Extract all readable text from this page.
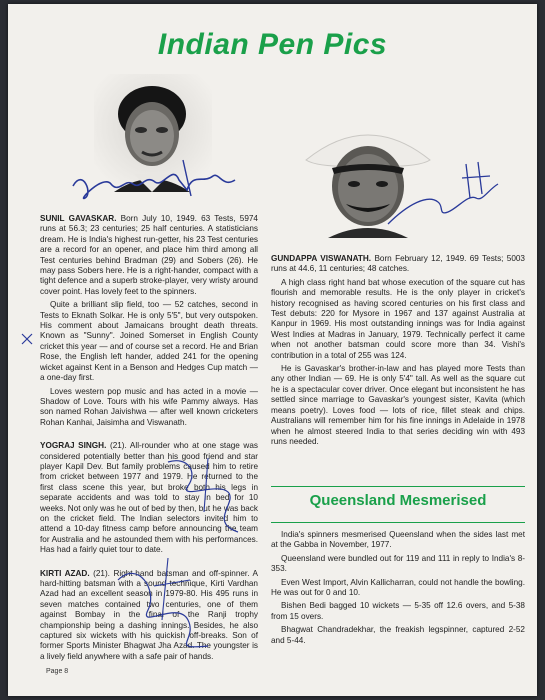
Indian Pen Pics

SUNIL GAVASKAR. Born July 10, 1949. 63 Tests, 5974 runs at 56.3; 23 centuries; 25 half centuries. A statisticians dream. He is India's highest run-getter, his 23 Test centuries are a record for an opener, and place him third among all Test centuries behind Bradman (29) and Sobers (26). He may pass Sobers here. He is a right-hander, compact with a tight defence and a superb stroke-player, very wristy around cover point. Has lovely feet to the spinners.

Quite a brilliant slip field, too — 52 catches, second in Tests to Eknath Solkar. He is only 5'5", but very outspoken. His comment about Jamaicans brought death threats. Known as "Sunny". Joined Somerset in English County cricket this year — and of course set a record. He and Brian Rose, the English left hander, added 241 for the opening wicket against Kent in a Benson and Hedges Cup match — a one-day first.

Loves western pop music and has acted in a movie — Shadow of Love. Tours with his wife Pammy always. Has son named Rohan Jaivishwa — after well known cricketers Rohan Kanhai, Jaisimha and Viswanath.

YOGRAJ SINGH. (21). All-rounder who at one stage was considered potentially better than his good friend and star player Kapil Dev. But family problems caused him to retire from cricket between 1977 and 1979. He returned to the first class scene this year, but broke both his legs in separate accidents and was told to stay in bed for 10 weeks. Not only was he out of bed by then, but he was back on the cricket field. The Indian selectors invited him to attend a 10-day fitness camp before announcing the team for Australia and he astounded them with his performances. Has had a fairly quiet tour to date.

KIRTI AZAD. (21). Right-hand batsman and off-spinner. A hard-hitting batsman with a sound technique, Kirti Vardhan Azad had an excellent season in 1979-80. His 495 runs in seven matches contained two centuries, one of them against Bombay in the final of the Ranji trophy championship being a dashing innings. Besides, he also captured six wickets with his quickish off-breaks. Son of former Sports Minister Bhagwat Jha Azad. The youngster is a lively field anywhere with a safe pair of hands.

Page 8

GUNDAPPA VISWANATH. Born February 12, 1949. 69 Tests; 5003 runs at 44.6, 11 centuries; 48 catches.

A high class right hand bat whose execution of the square cut has flourish and memorable results. He is the only player in cricket's history recognised as having scored centuries on his first class and Test debuts: 220 for Mysore in 1967 and 137 against Australia at Kanpur in 1969. His most outstanding innings was for India against West Indies at Madras in January, 1979. Technically perfect it came when not another batsman could score more than 34. Vishi's contribution in a total of 255 was 124.

He is Gavaskar's brother-in-law and has played more Tests than any other Indian — 69. He is only 5'4" tall. As well as the square cut he is a spectacular cover driver. Once elegant but inconsistent he has settled since marriage to Gavaskar's youngest sister, Kavita (which means poetry). Loves food — lots of rice, fillet steak and chips. Australians will remember him for his fine innings in Adelaide in 1978 when he almost steered India to that series deciding win with 493 runs needed.

Queensland Mesmerised

India's spinners mesmerised Queensland when the sides last met at the Gabba in November, 1977.

Queensland were bundled out for 119 and 111 in reply to India's 8-353.

Even West Import, Alvin Kallicharran, could not handle the bowling. He was out for 0 and 10.

Bishen Bedi bagged 10 wickets — 5-35 off 12.6 overs, and 5-38 from 15 overs.

Bhagwat Chandradekhar, the freakish legspinner, captured 2-52 and 5-44.
